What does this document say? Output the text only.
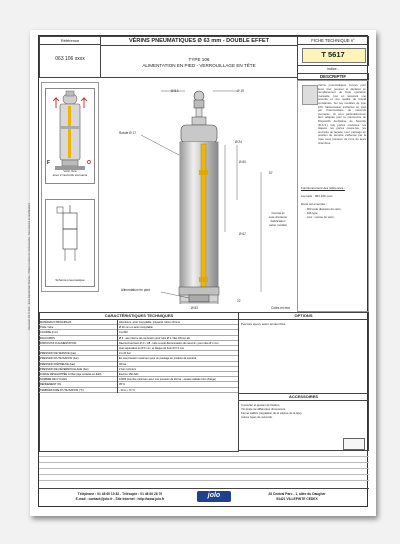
Document JOLO SAS - Toute reproduction interdite - Photos et cotes non contractuelles - Sous réserve de modifications
Référence
063 106 xxxx
VÉRINS PNEUMATIQUES Ø 63 mm - DOUBLE EFFET
TYPE 106
ALIMENTATION EN PIED - VERROUILLAGE EN TÊTE
FICHE TECHNIQUE n°
T 5617
indice -
DESCRIPTIF
Vérin livré
avec 2 raccords tournants
F	O
Schéma pneumatique
Ø 8.1	Ø 19
Rotule Ø 17
Ø 24
Ø 60
57
Ø 67
Course et
cote d'enlever
Fabrication
selon modèle
Alimentation en pied
22
Ø 83	Cotes en mm
Vérins pneumatiques conçus pour lever, tirer, pousser et déplacer en remplacement de toute opération manuelle, tout en assurant une sécurité et une qualité de travail constantes. Sur les modèles de type 106, l'alimentation s'effectue en pied par l'intermédiaire de raccords tournants. Ils sont particulièrement bien adaptés pour la manoeuvre de Dispositifs Auxiliaires de Sécurité (D.A.S.) tels portes coulisses, les clapets, les portes coupe-feu, les ouvrants de façade. Leur passage en position de sécurité s'effectue par la mise sous pression de l'une de leurs chambres.
Fonctionnement des références :
exemple : 063 106 xxxx
Dans cet exemple :
- 063 code diamètre du vérin,
- 106 type,
- xxxx : course du vérin.
CARACTÉRISTIQUES TECHNIQUES
MATÉRIAUX PRINCIPAUX	Aluminium, acier inoxydable, polyamid, laiton chrome
TIGE / tube	Ø 20 mm en acier inoxydable
COURSE (mm)	0 à 600
RACCORDS	Ø 4 - axe interne de connexion pour tube Ø 4 / filet 1/8 sur alu
DISPOSITIF D'ALIMENTATION	Raccord tournant Ø 4 x 1/8 - tube à cette dénomination de raccord - pour tube Ø 4 mm
avec équivalent en Ø 6 mm, et disque de frein Ø 6 3 mm
PRESSION DE SERVICE (bar)	3 à 20 bar
PRESSION D'UTILISATION (bar)	En cas pression maximum pour un passage en position de sécurité
PRESSION D'ÉPREUVE (bar)	30 bar
PRESSION DE DÉVERROUILLAGE (bar)	2 bar minimum
FORCE DÉVELOPPÉE Á 6bar (tige sortante en daN)	Environ 150 daN
NOMBRE DE CYCLES	10000 (nombre minimum avec une pression de 20 bar - essais réalisés hors charge)
RENDEMENT (%)	95 %
TEMPÉRATURE D'UTILISATION (°C)	- 20 à + 70 °C
OPTIONS
Peinture époxy selon teintes RAL
ACCESSOIRES
Consulter et ajustez de fixation,
Vis droite de différentes dimensions,
Fermé calibré (régulation de la vitesse de la tige),
Autres types de raccords.
Téléphone : 01 48 60 10 82 - Télécopie : 01 48 60 26 70
E-mail : contact@jolo.fr - Site internet : http://www.jolo.fr	jolo	26 Central Parc - 1, allée du Daugher
93421 VILLEPINTE CEDEX
